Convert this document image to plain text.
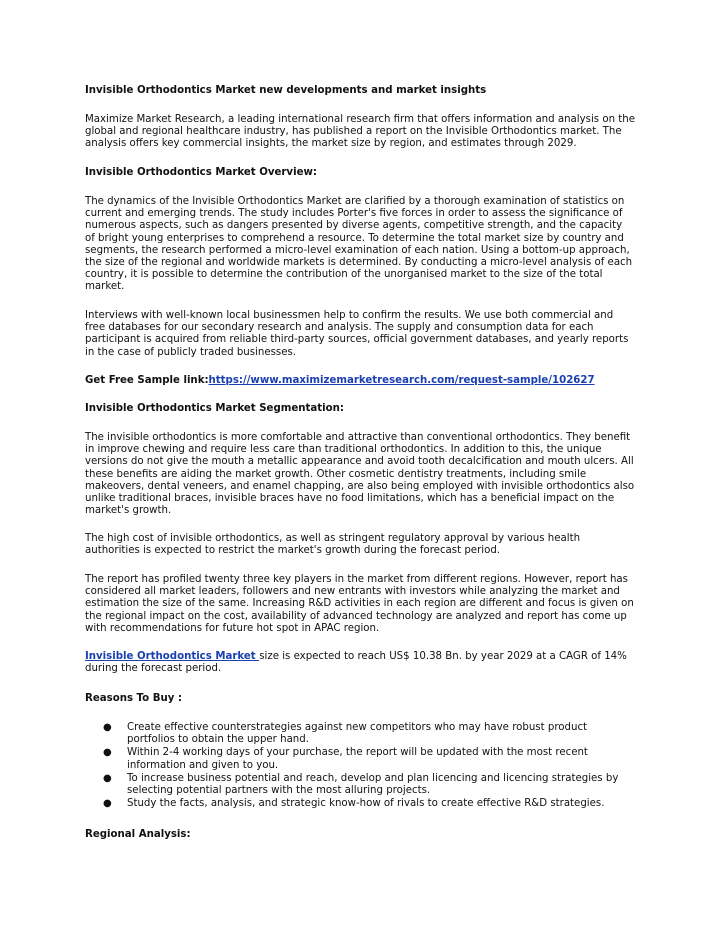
Invisible Orthodontics Market new developments and market insights

Maximize Market Research, a leading international research firm that offers information and analysis on the global and regional healthcare industry, has published a report on the Invisible Orthodontics market. The analysis offers key commercial insights, the market size by region, and estimates through 2029.

Invisible Orthodontics Market Overview:

The dynamics of the Invisible Orthodontics Market are clarified by a thorough examination of statistics on current and emerging trends. The study includes Porter's five forces in order to assess the significance of numerous aspects, such as dangers presented by diverse agents, competitive strength, and the capacity of bright young enterprises to comprehend a resource. To determine the total market size by country and segments, the research performed a micro-level examination of each nation. Using a bottom-up approach, the size of the regional and worldwide markets is determined. By conducting a micro-level analysis of each country, it is possible to determine the contribution of the unorganised market to the size of the total market.

Interviews with well-known local businessmen help to confirm the results. We use both commercial and free databases for our secondary research and analysis. The supply and consumption data for each participant is acquired from reliable third-party sources, official government databases, and yearly reports in the case of publicly traded businesses.

Get Free Sample link:https://www.maximizemarketresearch.com/request-sample/102627

Invisible Orthodontics Market Segmentation:

The invisible orthodontics is more comfortable and attractive than conventional orthodontics. They benefit in improve chewing and require less care than traditional orthodontics. In addition to this, the unique versions do not give the mouth a metallic appearance and avoid tooth decalcification and mouth ulcers. All these benefits are aiding the market growth. Other cosmetic dentistry treatments, including smile makeovers, dental veneers, and enamel chapping, are also being employed with invisible orthodontics also unlike traditional braces, invisible braces have no food limitations, which has a beneficial impact on the market's growth.

The high cost of invisible orthodontics, as well as stringent regulatory approval by various health authorities is expected to restrict the market's growth during the forecast period.

The report has profiled twenty three key players in the market from different regions. However, report has considered all market leaders, followers and new entrants with investors while analyzing the market and estimation the size of the same. Increasing R&D activities in each region are different and focus is given on the regional impact on the cost, availability of advanced technology are analyzed and report has come up with recommendations for future hot spot in APAC region.

Invisible Orthodontics Market size is expected to reach US$ 10.38 Bn. by year 2029 at a CAGR of 14% during the forecast period.

Reasons To Buy :

● Create effective counterstrategies against new competitors who may have robust product portfolios to obtain the upper hand.
● Within 2-4 working days of your purchase, the report will be updated with the most recent information and given to you.
● To increase business potential and reach, develop and plan licencing and licencing strategies by selecting potential partners with the most alluring projects.
● Study the facts, analysis, and strategic know-how of rivals to create effective R&D strategies.

Regional Analysis:
